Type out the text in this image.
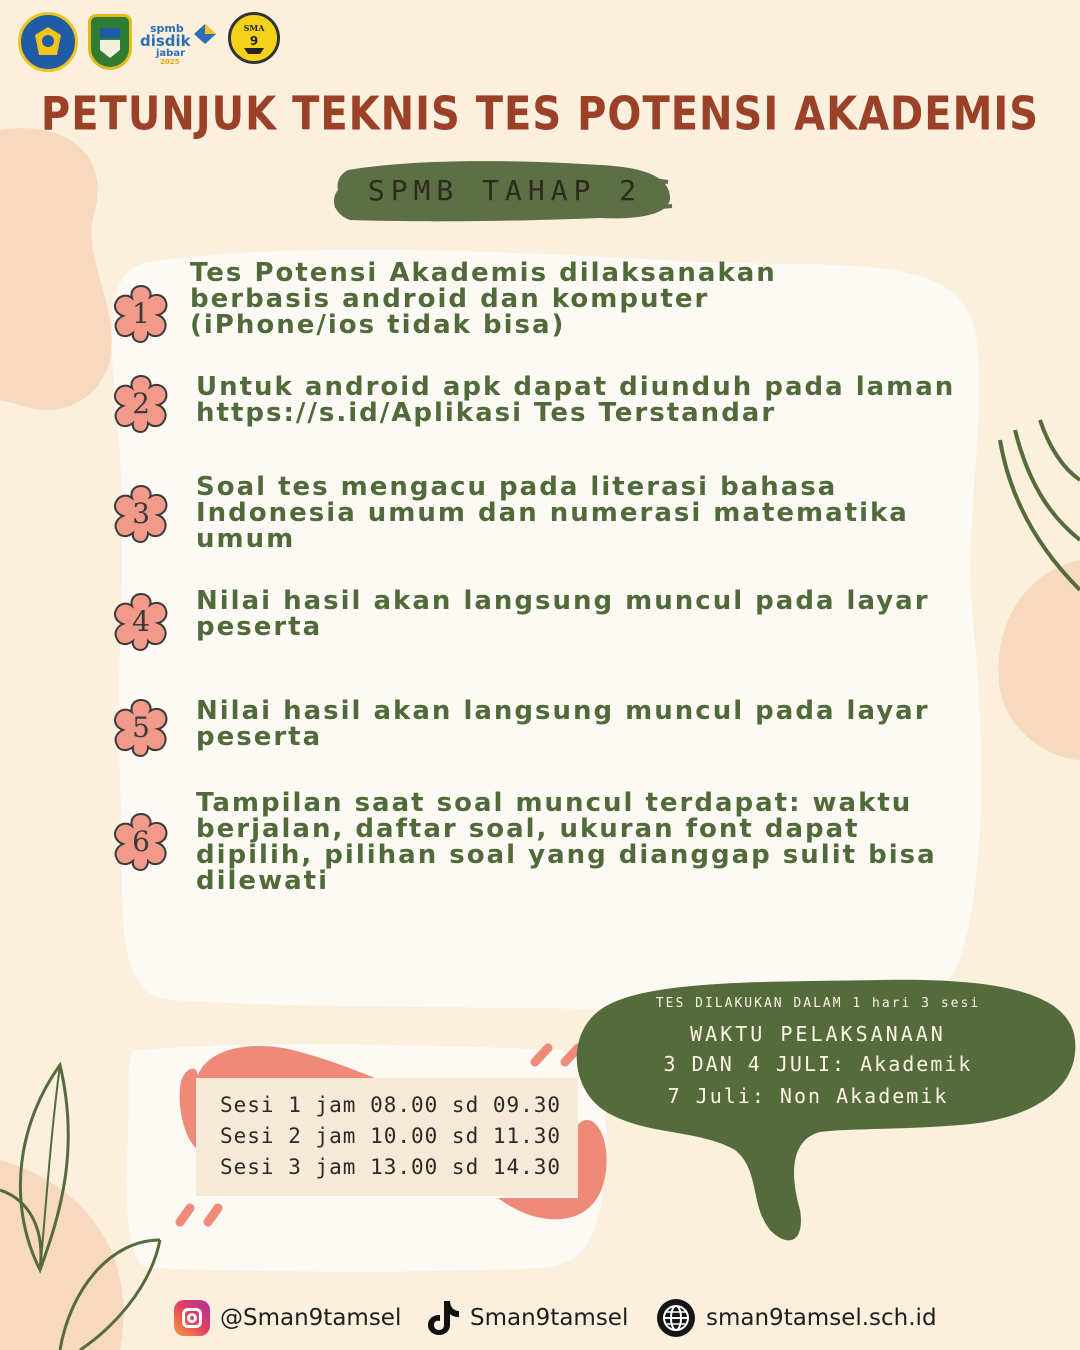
spmb
disdik
jabar
2025
SMA
9
PETUNJUK TEKNIS TES POTENSI AKADEMIS
SPMB TAHAP 2
1
Tes Potensi Akademis dilaksanakan
berbasis android dan komputer
(iPhone/ios tidak bisa)
2 Untuk android apk dapat diunduh pada laman
https://s.id/Aplikasi Tes Terstandar
3
Soal tes mengacu pada literasi bahasa
Indonesia umum dan numerasi matematika
umum
4
Nilai hasil akan langsung muncul pada layar
peserta
5 Nilai hasil akan langsung muncul pada layar
peserta
6
Tampilan saat soal muncul terdapat: waktu
berjalan, daftar soal, ukuran font dapat
dipilih, pilihan soal yang dianggap sulit bisa
dilewati
Sesi 1 jam 08.00 sd 09.30
Sesi 2 jam 10.00 sd 11.30
Sesi 3 jam 13.00 sd 14.30
TES DILAKUKAN DALAM 1 hari 3 sesi
WAKTU PELAKSANAAN
3 DAN 4 JULI: Akademik
7 Juli: Non Akademik
@Sman9tamsel	Sman9tamsel	sman9tamsel.sch.id
